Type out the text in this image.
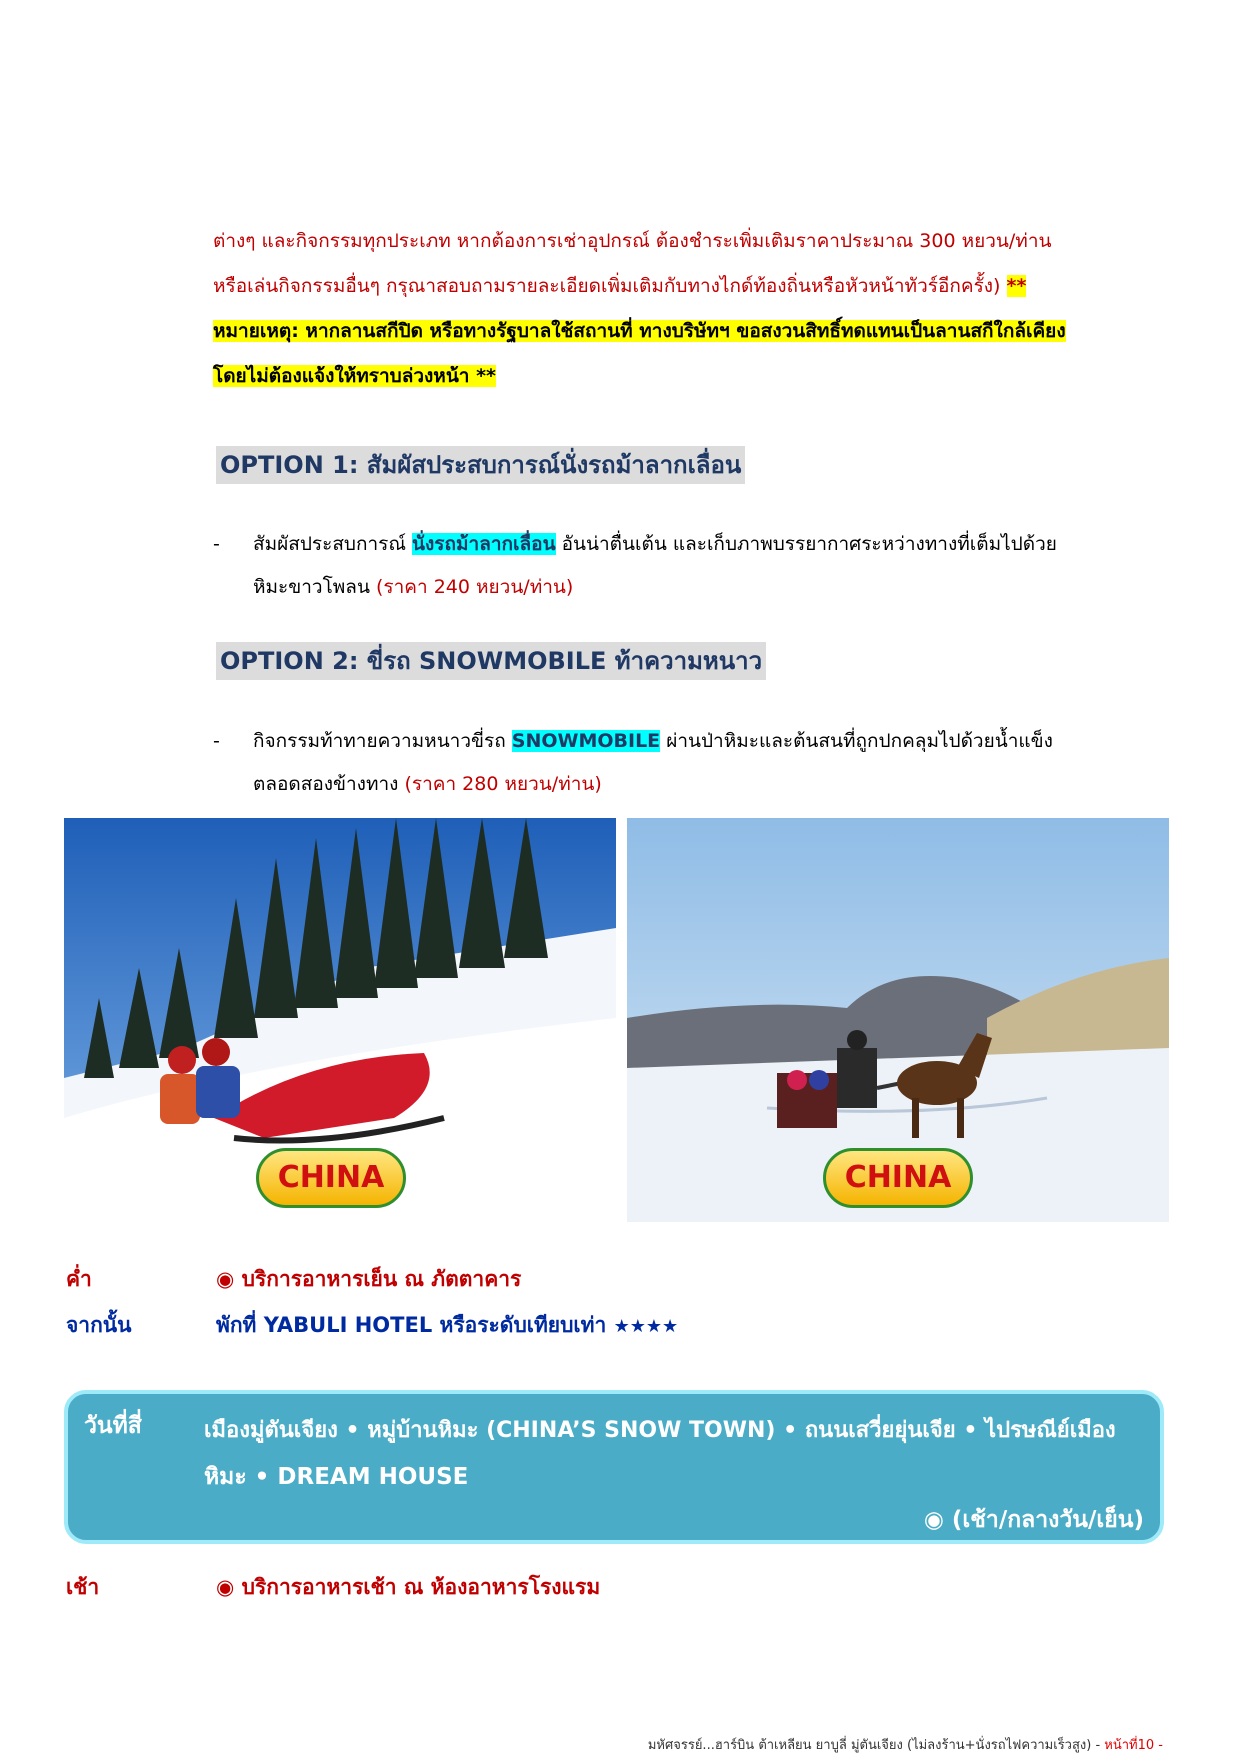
ต่างๆ และกิจกรรมทุกประเภท หากต้องการเช่าอุปกรณ์ ต้องชำระเพิ่มเติมราคาประมาณ 300 หยวน/ท่าน
หรือเล่นกิจกรรมอื่นๆ กรุณาสอบถามรายละเอียดเพิ่มเติมกับทางไกด์ท้องถิ่นหรือหัวหน้าทัวร์อีกครั้ง) **
หมายเหตุ: หากลานสกีปิด หรือทางรัฐบาลใช้สถานที่ ทางบริษัทฯ ขอสงวนสิทธิ์ทดแทนเป็นลานสกีใกล้เคียง
โดยไม่ต้องแจ้งให้ทราบล่วงหน้า **
OPTION 1: สัมผัสประสบการณ์นั่งรถม้าลากเลื่อน
- สัมผัสประสบการณ์ นั่งรถม้าลากเลื่อน อันน่าตื่นเต้น และเก็บภาพบรรยากาศระหว่างทางที่เต็มไปด้วย
หิมะขาวโพลน (ราคา 240 หยวน/ท่าน)
OPTION 2: ขี่รถ SNOWMOBILE ท้าความหนาว
- กิจกรรมท้าทายความหนาวขี่รถ SNOWMOBILE ผ่านป่าหิมะและต้นสนที่ถูกปกคลุมไปด้วยน้ำแข็ง
ตลอดสองข้างทาง (ราคา 280 หยวน/ท่าน)
CHINA	CHINA
ค่ำ	◉ บริการอาหารเย็น ณ ภัตตาคาร
จากนั้น	พักที่ YABULI HOTEL หรือระดับเทียบเท่า ★★★★
วันที่สี่	เมืองมู่ตันเจียง • หมู่บ้านหิมะ (CHINA’S SNOW TOWN) • ถนนเสวี่ยยุ่นเจีย • ไปรษณีย์เมือง
หิมะ • DREAM HOUSE
◉ (เช้า/กลางวัน/เย็น)
เช้า	◉ บริการอาหารเช้า ณ ห้องอาหารโรงแรม
มหัศจรรย์...ฮาร์บิน ต้าเหลียน ยาบูลี่ มู่ตันเจียง (ไม่ลงร้าน+นั่งรถไฟความเร็วสูง) - หน้าที่10 -
